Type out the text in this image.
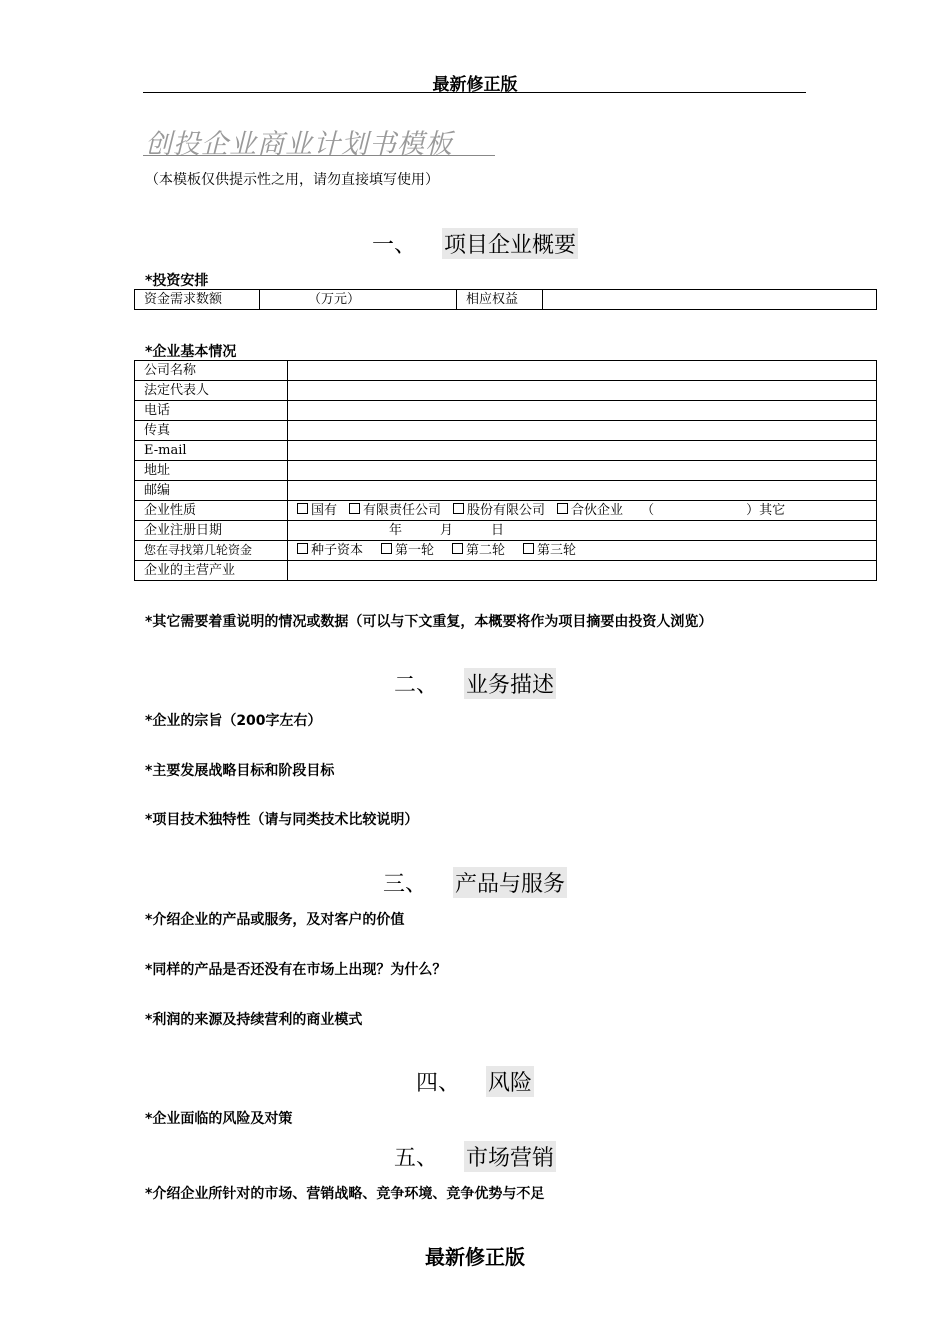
最新修正版
创投企业商业计划书模板
（本模板仅供提示性之用，请勿直接填写使用）
一、 项目企业概要
*投资安排
资金需求数额	（万元）	相应权益	
*企业基本情况
公司名称	
法定代表人	
电话	
传真	
E-mail	
地址	
邮编	
企业性质	国有 有限责任公司 股份有限公司 合伙企业 （ ）其它
企业注册日期	年 月 日
您在寻找第几轮资金	种子资本 第一轮 第二轮 第三轮
企业的主营产业	
*其它需要着重说明的情况或数据（可以与下文重复，本概要将作为项目摘要由投资人浏览）
二、 业务描述
*企业的宗旨（200字左右）
*主要发展战略目标和阶段目标
*项目技术独特性（请与同类技术比较说明）
三、 产品与服务
*介绍企业的产品或服务，及对客户的价值
*同样的产品是否还没有在市场上出现？为什么？
*利润的来源及持续营利的商业模式
四、 风险
*企业面临的风险及对策
五、 市场营销
*介绍企业所针对的市场、营销战略、竞争环境、竞争优势与不足
最新修正版
